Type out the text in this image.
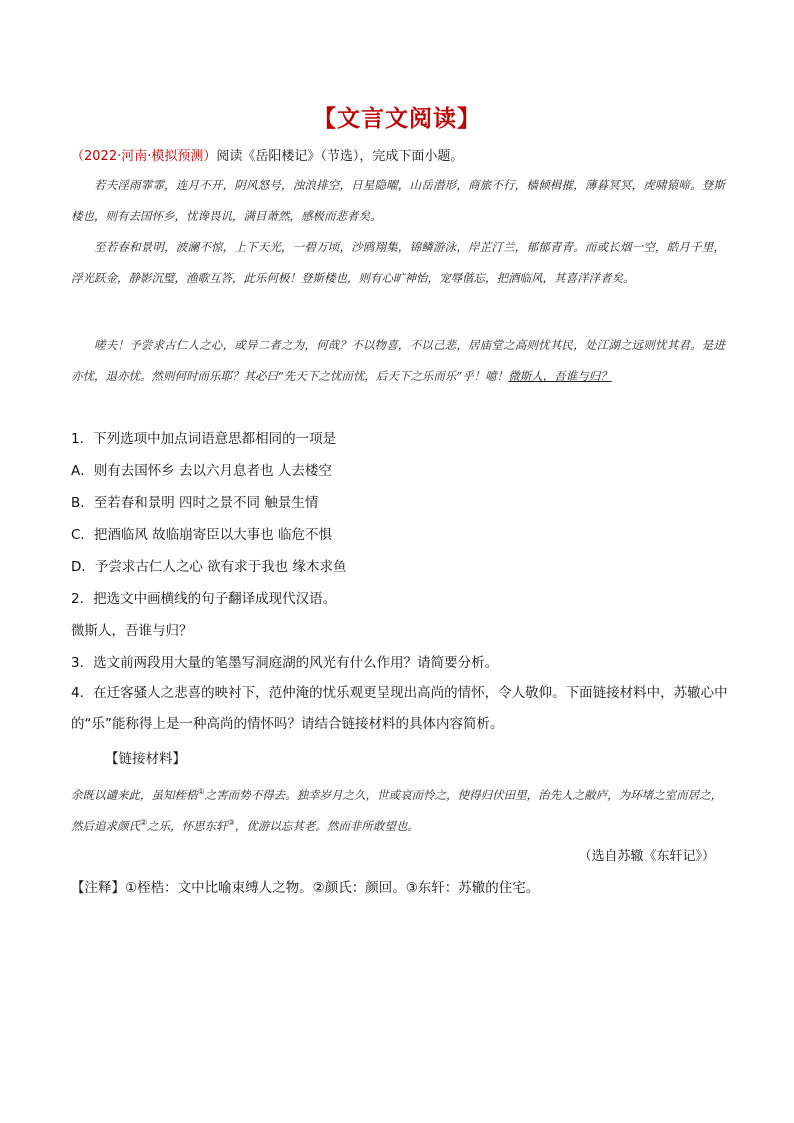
【文言文阅读】
（2022·河南·模拟预测）阅读《岳阳楼记》（节选），完成下面小题。

若夫淫雨霏霏，连月不开，阴风怒号，浊浪排空，日星隐曜，山岳潜形，商旅不行，樯倾楫摧，薄暮冥冥，虎啸猿啼。登斯楼也，则有去国怀乡，忧谗畏讥，满目萧然，感极而悲者矣。

至若春和景明，波澜不惊，上下天光，一碧万顷，沙鸥翔集，锦鳞游泳，岸芷汀兰，郁郁青青。而或长烟一空，皓月千里，浮光跃金，静影沉璧，渔歌互答，此乐何极！登斯楼也，则有心旷神怡，宠辱偕忘，把酒临风，其喜洋洋者矣。

嗟夫！予尝求古仁人之心，或异二者之为，何哉？不以物喜，不以己悲，居庙堂之高则忧其民，处江湖之远则忧其君。是进亦忧，退亦忧。然则何时而乐耶？其必曰“先天下之忧而忧，后天下之乐而乐”乎！噫！微斯人，吾谁与归？

1．下列选项中加点词语意思都相同的一项是
A．则有去国怀乡 去以六月息者也 人去楼空
B．至若春和景明 四时之景不同 触景生情
C．把酒临风 故临崩寄臣以大事也 临危不惧
D．予尝求古仁人之心 欲有求于我也 缘木求鱼
2．把选文中画横线的句子翻译成现代汉语。
微斯人，吾谁与归？
3．选文前两段用大量的笔墨写洞庭湖的风光有什么作用？请简要分析。
4．在迁客骚人之悲喜的映衬下，范仲淹的忧乐观更呈现出高尚的情怀，令人敬仰。下面链接材料中，苏辙心中的“乐”能称得上是一种高尚的情怀吗？请结合链接材料的具体内容简析。
【链接材料】
余既以谴来此，虽知桎梏①之害而势不得去。独幸岁月之久，世或哀而怜之，使得归伏田里，治先人之敝庐，为环堵之室而居之，然后追求颜氏②之乐，怀思东轩③，优游以忘其老。然而非所敢望也。
（选自苏辙《东轩记》）
【注释】①桎梏：文中比喻束缚人之物。②颜氏：颜回。③东轩：苏辙的住宅。
